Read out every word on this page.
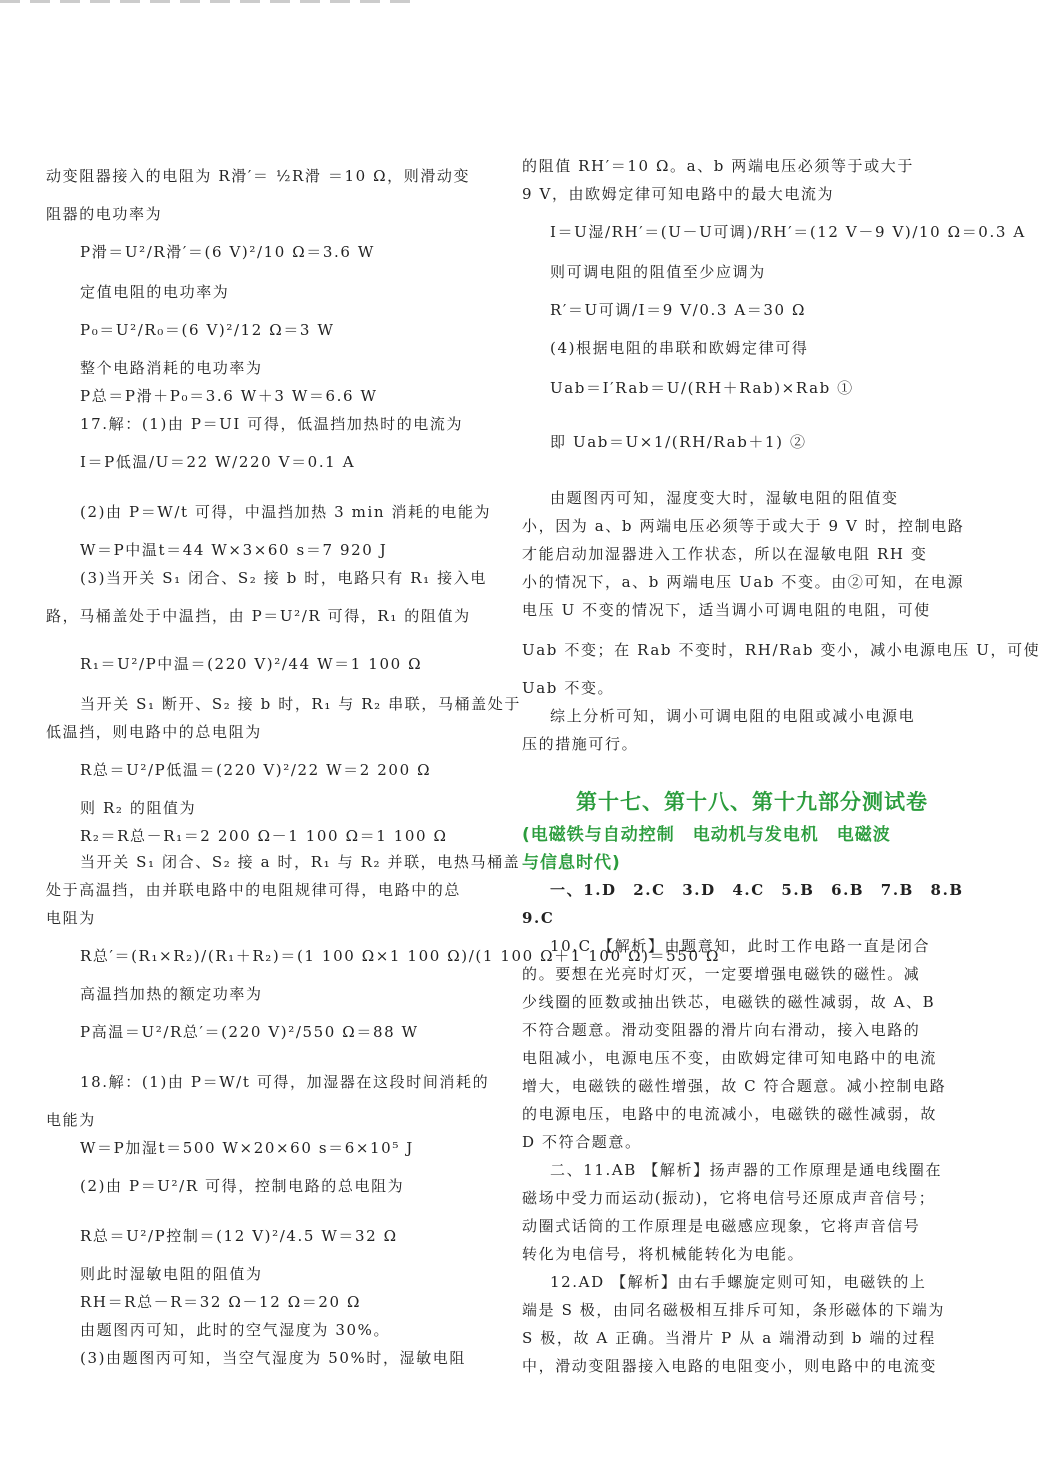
动变阻器接入的电阻为 R滑′＝ ½R滑 ＝10 Ω，则滑动变
阻器的电功率为
P滑＝U²/R滑′＝(6 V)²/10 Ω＝3.6 W
定值电阻的电功率为
P₀＝U²/R₀＝(6 V)²/12 Ω＝3 W
整个电路消耗的电功率为
P总＝P滑＋P₀＝3.6 W＋3 W＝6.6 W
17.解：(1)由 P＝UI 可得，低温挡加热时的电流为
I＝P低温/U＝22 W/220 V＝0.1 A
(2)由 P＝W/t 可得，中温挡加热 3 min 消耗的电能为
W＝P中温t＝44 W×3×60 s＝7 920 J
(3)当开关 S₁ 闭合、S₂ 接 b 时，电路只有 R₁ 接入电
路，马桶盖处于中温挡，由 P＝U²/R 可得，R₁ 的阻值为
R₁＝U²/P中温＝(220 V)²/44 W＝1 100 Ω
当开关 S₁ 断开、S₂ 接 b 时，R₁ 与 R₂ 串联，马桶盖处于
低温挡，则电路中的总电阻为
R总＝U²/P低温＝(220 V)²/22 W＝2 200 Ω
则 R₂ 的阻值为
R₂＝R总－R₁＝2 200 Ω－1 100 Ω＝1 100 Ω
当开关 S₁ 闭合、S₂ 接 a 时，R₁ 与 R₂ 并联，电热马桶盖
处于高温挡，由并联电路中的电阻规律可得，电路中的总
电阻为
R总′＝(R₁×R₂)/(R₁＋R₂)＝(1 100 Ω×1 100 Ω)/(1 100 Ω＋1 100 Ω)＝550 Ω
高温挡加热的额定功率为
P高温＝U²/R总′＝(220 V)²/550 Ω＝88 W
18.解：(1)由 P＝W/t 可得，加湿器在这段时间消耗的
电能为
W＝P加湿t＝500 W×20×60 s＝6×10⁵ J
(2)由 P＝U²/R 可得，控制电路的总电阻为
R总＝U²/P控制＝(12 V)²/4.5 W＝32 Ω
则此时湿敏电阻的阻值为
RH＝R总－R＝32 Ω－12 Ω＝20 Ω
由题图丙可知，此时的空气湿度为 30%。
(3)由题图丙可知，当空气湿度为 50%时，湿敏电阻
的阻值 RH′＝10 Ω。a、b 两端电压必须等于或大于
9 V，由欧姆定律可知电路中的最大电流为
I＝U湿/RH′＝(U－U可调)/RH′＝(12 V－9 V)/10 Ω＝0.3 A
则可调电阻的阻值至少应调为
R′＝U可调/I＝9 V/0.3 A＝30 Ω
(4)根据电阻的串联和欧姆定律可得
Uab＝I′Rab＝U/(RH＋Rab)×Rab ①
即 Uab＝U×1/(RH/Rab＋1) ②
由题图丙可知，湿度变大时，湿敏电阻的阻值变
小，因为 a、b 两端电压必须等于或大于 9 V 时，控制电路
才能启动加湿器进入工作状态，所以在湿敏电阻 RH 变
小的情况下，a、b 两端电压 Uab 不变。由②可知，在电源
电压 U 不变的情况下，适当调小可调电阻的电阻，可使
Uab 不变；在 Rab 不变时，RH/Rab 变小，减小电源电压 U，可使
Uab 不变。
综上分析可知，调小可调电阻的电阻或减小电源电
压的措施可行。
第十七、第十八、第十九部分测试卷
(电磁铁与自动控制　电动机与发电机　电磁波
与信息时代)
一、1.D　2.C　3.D　4.C　5.B　6.B　7.B　8.B
9.C
10.C 【解析】由题意知，此时工作电路一直是闭合
的。要想在光亮时灯灭，一定要增强电磁铁的磁性。减
少线圈的匝数或抽出铁芯，电磁铁的磁性减弱，故 A、B
不符合题意。滑动变阻器的滑片向右滑动，接入电路的
电阻减小，电源电压不变，由欧姆定律可知电路中的电流
增大，电磁铁的磁性增强，故 C 符合题意。减小控制电路
的电源电压，电路中的电流减小，电磁铁的磁性减弱，故
D 不符合题意。
二、11.AB 【解析】扬声器的工作原理是通电线圈在
磁场中受力而运动(振动)，它将电信号还原成声音信号；
动圈式话筒的工作原理是电磁感应现象，它将声音信号
转化为电信号，将机械能转化为电能。
12.AD 【解析】由右手螺旋定则可知，电磁铁的上
端是 S 极，由同名磁极相互排斥可知，条形磁体的下端为
S 极，故 A 正确。当滑片 P 从 a 端滑动到 b 端的过程
中，滑动变阻器接入电路的电阻变小，则电路中的电流变
